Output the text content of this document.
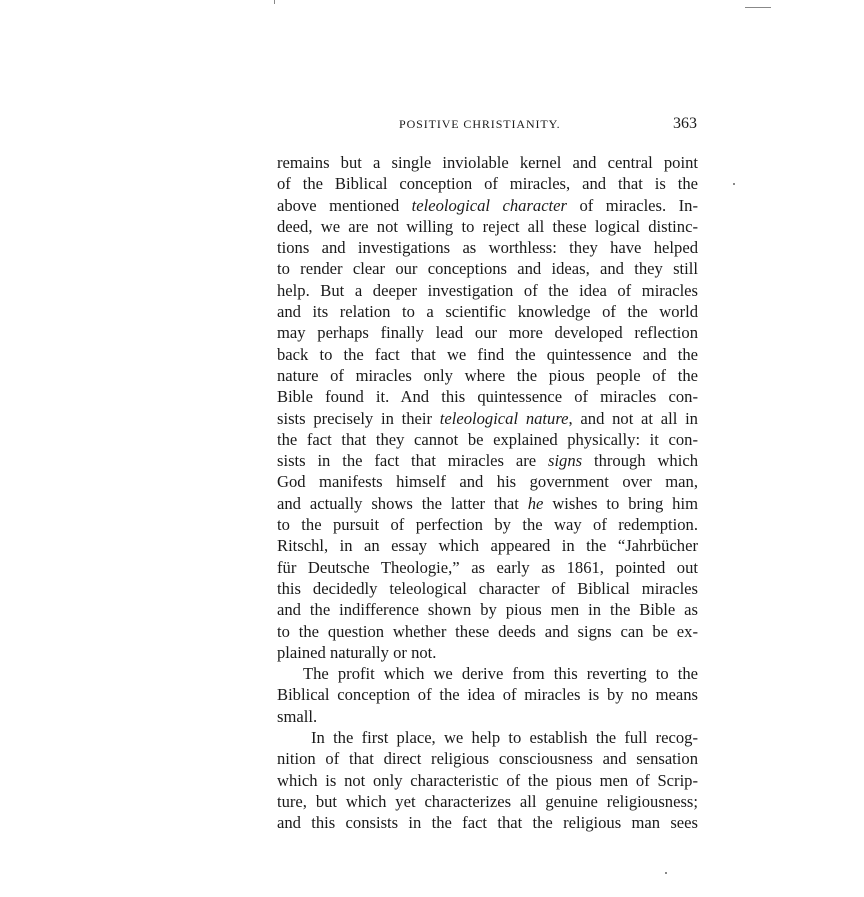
POSITIVE CHRISTIANITY.	363
remains but a single inviolable kernel and central point
of the Biblical conception of miracles, and that is the
above mentioned teleological character of miracles. In-
deed, we are not willing to reject all these logical distinc-
tions and investigations as worthless: they have helped
to render clear our conceptions and ideas, and they still
help. But a deeper investigation of the idea of miracles
and its relation to a scientific knowledge of the world
may perhaps finally lead our more developed reflection
back to the fact that we find the quintessence and the
nature of miracles only where the pious people of the
Bible found it. And this quintessence of miracles con-
sists precisely in their teleological nature, and not at all in
the fact that they cannot be explained physically: it con-
sists in the fact that miracles are signs through which
God manifests himself and his government over man,
and actually shows the latter that he wishes to bring him
to the pursuit of perfection by the way of redemption.
Ritschl, in an essay which appeared in the “Jahrbücher
für Deutsche Theologie,” as early as 1861, pointed out
this decidedly teleological character of Biblical miracles
and the indifference shown by pious men in the Bible as
to the question whether these deeds and signs can be ex-
plained naturally or not.
The profit which we derive from this reverting to the
Biblical conception of the idea of miracles is by no means
small.
In the first place, we help to establish the full recog-
nition of that direct religious consciousness and sensation
which is not only characteristic of the pious men of Scrip-
ture, but which yet characterizes all genuine religiousness;
and this consists in the fact that the religious man sees
